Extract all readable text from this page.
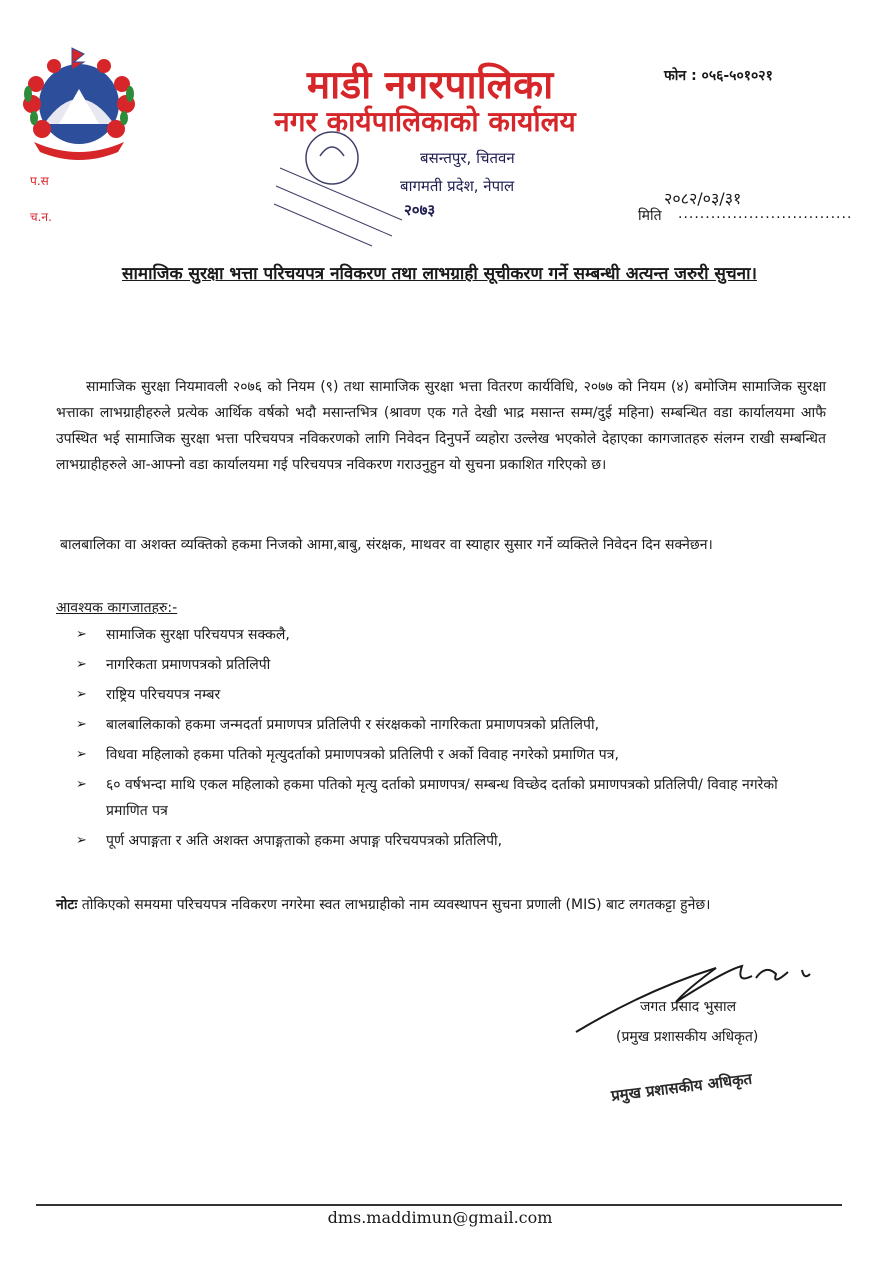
माडी नगरपालिका
नगर कार्यपालिकाको कार्यालय
बसन्तपुर, चितवन
बागमती प्रदेश, नेपाल
२०७३
फोन : ०५६-५०१०२१
प.स
च.न.
२०८२/०३/३१
मिति ................................
सामाजिक सुरक्षा भत्ता परिचयपत्र नविकरण तथा लाभग्राही सूचीकरण गर्ने सम्बन्धी अत्यन्त जरुरी सुचना।
सामाजिक सुरक्षा नियमावली २०७६ को नियम (९) तथा सामाजिक सुरक्षा भत्ता वितरण कार्यविधि, २०७७ को नियम (४) बमोजिम सामाजिक सुरक्षा भत्ताका लाभग्राहीहरुले प्रत्येक आर्थिक वर्षको भदौ मसान्तभित्र (श्रावण एक गते देखी भाद्र मसान्त सम्म/दुई महिना) सम्बन्धित वडा कार्यालयमा आफै उपस्थित भई सामाजिक सुरक्षा भत्ता परिचयपत्र नविकरणको लागि निवेदन दिनुपर्ने व्यहोरा उल्लेख भएकोले देहाएका कागजातहरु संलग्न राखी सम्बन्धित लाभग्राहीहरुले आ-आफ्नो वडा कार्यालयमा गई परिचयपत्र नविकरण गराउनुहुन यो सुचना प्रकाशित गरिएको छ।
बालबालिका वा अशक्त व्यक्तिको हकमा निजको आमा,बाबु, संरक्षक, माथवर वा स्याहार सुसार गर्ने व्यक्तिले निवेदन दिन सक्नेछन।
आवश्यक कागजातहरु:-
➢ सामाजिक सुरक्षा परिचयपत्र सक्कलै,
➢ नागरिकता प्रमाणपत्रको प्रतिलिपी
➢ राष्ट्रिय परिचयपत्र नम्बर
➢ बालबालिकाको हकमा जन्मदर्ता प्रमाणपत्र प्रतिलिपी र संरक्षकको नागरिकता प्रमाणपत्रको प्रतिलिपी,
➢ विधवा महिलाको हकमा पतिको मृत्युदर्ताको प्रमाणपत्रको प्रतिलिपी र अर्को विवाह नगरेको प्रमाणित पत्र,
➢ ६० वर्षभन्दा माथि एकल महिलाको हकमा पतिको मृत्यु दर्ताको प्रमाणपत्र/ सम्बन्ध विच्छेद दर्ताको प्रमाणपत्रको प्रतिलिपी/ विवाह नगरेको प्रमाणित पत्र
➢ पूर्ण अपाङ्गता र अति अशक्त अपाङ्गताको हकमा अपाङ्ग परिचयपत्रको प्रतिलिपी,
नोटः तोकिएको समयमा परिचयपत्र नविकरण नगरेमा स्वत लाभग्राहीको नाम व्यवस्थापन सुचना प्रणाली (MIS) बाट लगतकट्टा हुनेछ।
जगत प्रसाद भुसाल
(प्रमुख प्रशासकीय अधिकृत)
प्रमुख प्रशासकीय अधिकृत
dms.maddimun@gmail.com
